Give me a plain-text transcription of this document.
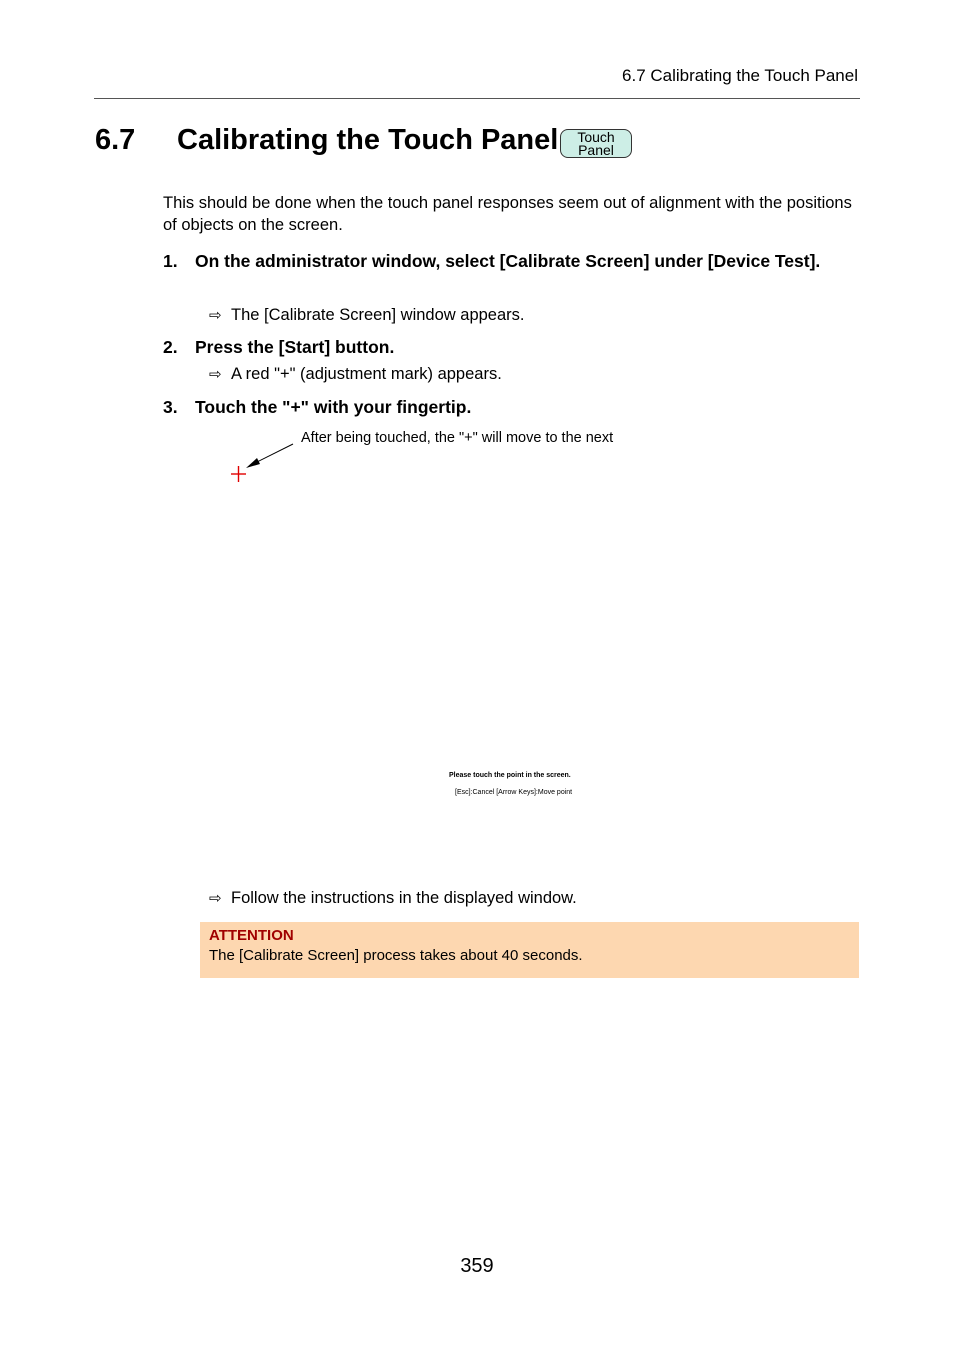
6.7 Calibrating the Touch Panel
6.7 Calibrating the Touch Panel	Touch
Panel
This should be done when the touch panel responses seem out of alignment with the positions of objects on the screen.
1. On the administrator window, select [Calibrate Screen] under [Device Test].
⇨ The [Calibrate Screen] window appears.
2. Press the [Start] button.
⇨ A red "+" (adjustment mark) appears.
3. Touch the "+" with your fingertip.
After being touched, the "+" will move to the next
Please touch the point in the screen.
[Esc]:Cancel [Arrow Keys]:Move point
⇨ Follow the instructions in the displayed window.
ATTENTION
The [Calibrate Screen] process takes about 40 seconds.
359
